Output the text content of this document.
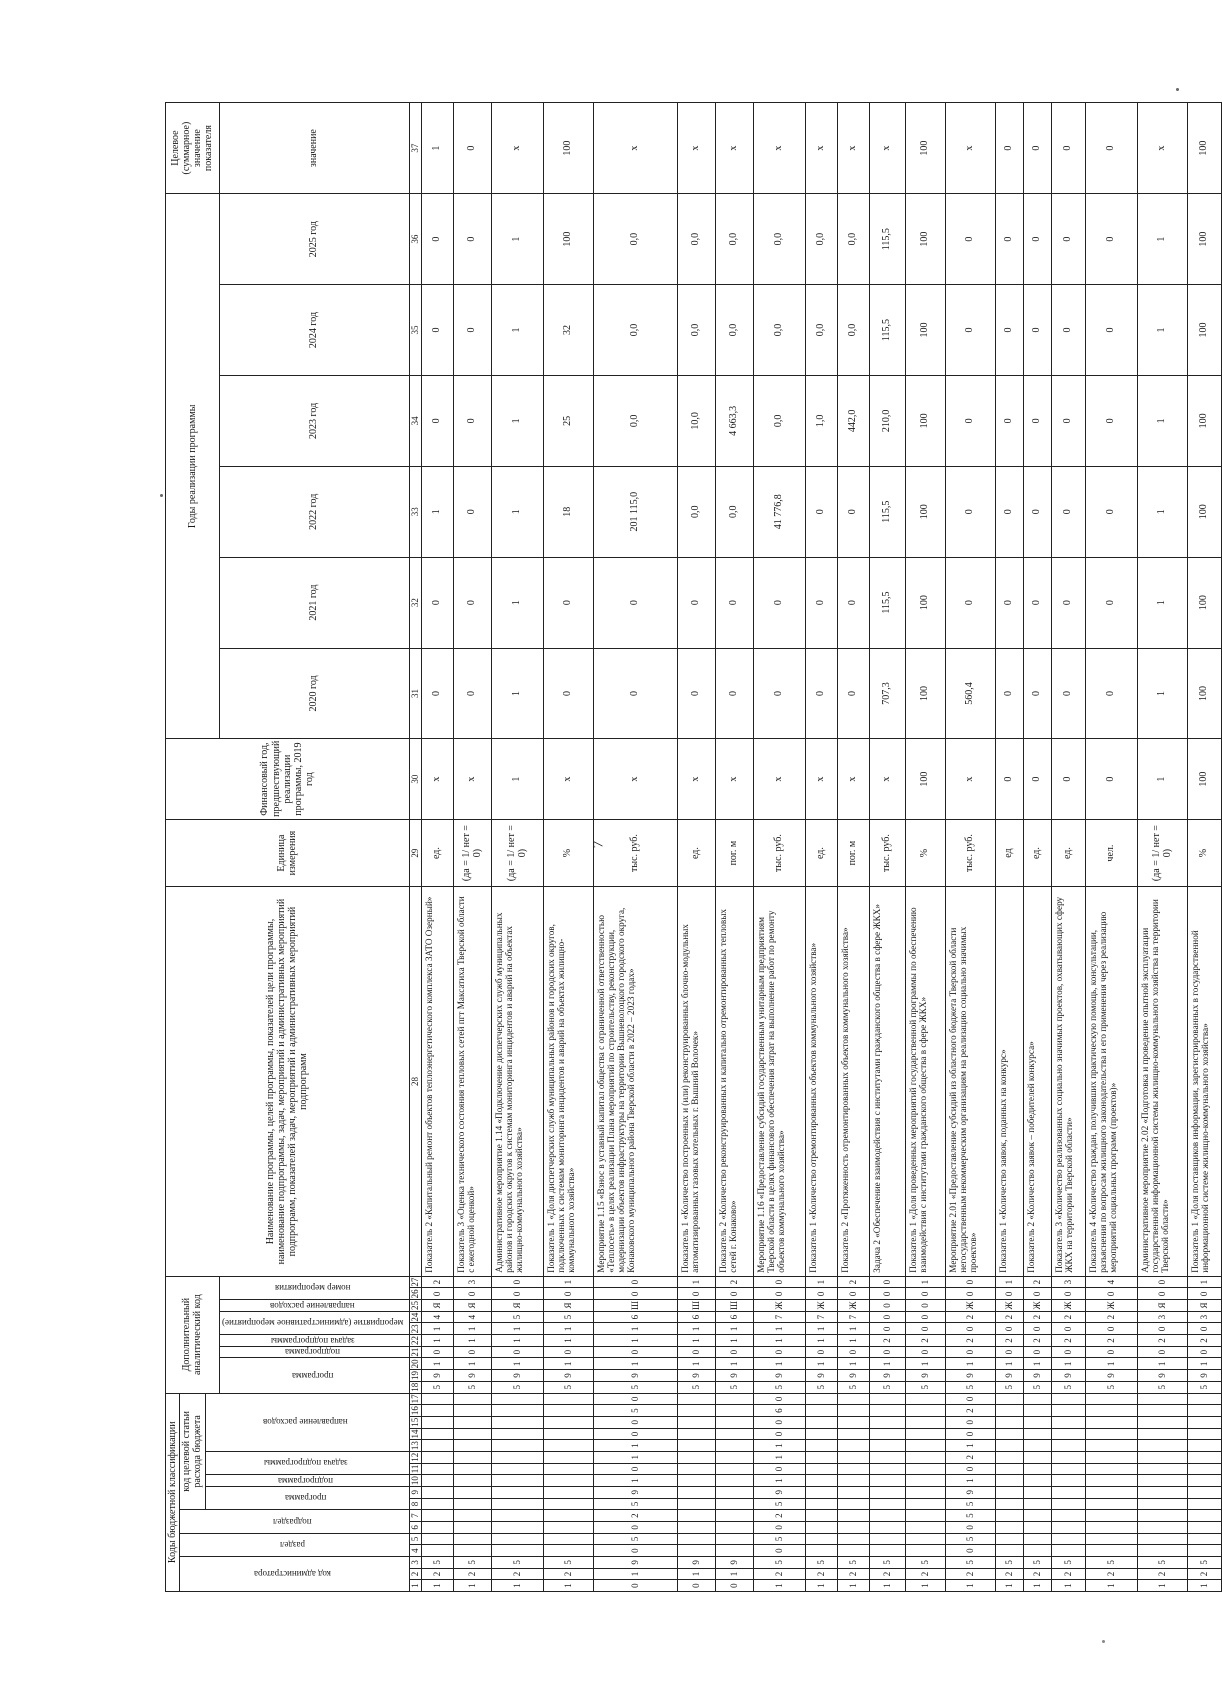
7
Коды бюджетной классификации																	Дополнительный аналитический код										Наименование программы, целей программы, показателей цели программы, наименование подпрограммы, задач, мероприятий и административных мероприятий подпрограмм, показателей задач, мероприятий и административных мероприятий подпрограмм	Единица измерения	Финансовый год, предшествующий реализации программы, 2019 год	Годы реализации программы						Целевое (суммарное) значение показателя
код администратора			раздел		подраздел		код целевой статьи расхода бюджета																													
							программа		подпрограмма	задача подпрограммы		направление расходов																								
																	программа			подпрограмма	задача подпрограммы	мероприятие (административное мероприятие)		направление расходов	номер мероприятия					2020 год	2021 год	2022 год	2023 год	2024 год	2025 год	значение
1	2	3	4	5	6	7	8	9	10	11	12	13	14	15	16	17	18	19	20	21	22	23	24	25	26	27	28	29	30	31	32	33	34	35	36	37
1	2	5															5	9	1	0	1	1	4	Я	0	2	Показатель 2 «Капитальный ремонт объектов теплоэнергетического комплекса ЗАТО Озерный»	ед.	х	0	0	1	0	0	0	1
1	2	5															5	9	1	0	1	1	4	Я	0	3	Показатель 3 «Оценка технического состояния тепловых сетей пгт Максатиха Тверской области с ежегодной оценкой»	(да = 1/ нет = 0)	х	0	0	0	0	0	0	0
1	2	5															5	9	1	0	1	1	5	Я	0	0	Административное мероприятие 1.14 «Подключение диспетчерских служб муниципальных районов и городских округов к системам мониторинга инцидентов и аварий на объектах жилищно-коммунального хозяйства»	(да = 1/ нет = 0)	1	1	1	1	1	1	1	х
1	2	5															5	9	1	0	1	1	5	Я	0	1	Показатель 1 «Доля диспетчерских служб муниципальных районов и городских округов, подключенных к системам мониторинга инцидентов и аварий на объектах жилищно-коммунального хозяйства»	%	х	0	0	18	25	32	100	100
0	1	9	0	5	0	2	5	9	1	0	1	1	0	0	5	0	5	9	1	0	1	1	6	Ш	0	0	Мероприятие 1.15 «Взнос в уставный капитал общества с ограниченной ответственностью «Теплосеть» в целях реализации Плана мероприятий по строительству, реконструкции, модернизации объектов инфраструктуры на территории Вышневолоцкого городского округа, Конаковского муниципального района Тверской области в 2022 – 2023 годах»	тыс. руб.	х	0	0	201 115,0	0,0	0,0	0,0	х
0	1	9															5	9	1	0	1	1	6	Ш	0	1	Показатель 1 «Количество построенных и (или) реконструированных блочно-модульных автоматизированных газовых котельных г. Вышний Волочек»	ед.	х	0	0	0,0	10,0	0,0	0,0	х
0	1	9															5	9	1	0	1	1	6	Ш	0	2	Показатель 2 «Количество реконструированных и капитально отремонтированных тепловых сетей г. Конаково»	пог. м	х	0	0	0,0	4 663,3	0,0	0,0	х
1	2	5	0	5	0	2	5	9	1	0	1	1	0	0	6	0	5	9	1	0	1	1	7	Ж	0	0	Мероприятие 1.16 «Предоставление субсидий государственным унитарным предприятиям Тверской области в целях финансового обеспечения затрат на выполнение работ по ремонту объектов коммунального хозяйства»	тыс. руб.	х	0	0	41 776,8	0,0	0,0	0,0	х
1	2	5															5	9	1	0	1	1	7	Ж	0	1	Показатель 1 «Количество отремонтированных объектов коммунального хозяйства»	ед.	х	0	0	0	1,0	0,0	0,0	х
1	2	5															5	9	1	0	1	1	7	Ж	0	2	Показатель 2 «Протяженность отремонтированных объектов коммунального хозяйства»	пог. м	х	0	0	0	442,0	0,0	0,0	х
1	2	5															5	9	1	0	2	0	0	0	0	0	Задача 2 «Обеспечение взаимодействия с институтами гражданского общества в сфере ЖКХ»	тыс. руб.	х	707,3	115,5	115,5	210,0	115,5	115,5	х
1	2	5															5	9	1	0	2	0	0	0	0	1	Показатель 1 «Доля проведенных мероприятий государственной программы по обеспечению взаимодействия с институтами гражданского общества в сфере ЖКХ»	%	100	100	100	100	100	100	100	100
1	2	5	0	5	0	5	5	9	1	0	2	1	0	0	2	0	5	9	1	0	2	0	2	Ж	0	0	Мероприятие 2.01 «Предоставление субсидий из областного бюджета Тверской области негосударственным некоммерческим организациям на реализацию социально значимых проектов»	тыс. руб.	х	560,4	0	0	0	0	0	х
1	2	5															5	9	1	0	2	0	2	Ж	0	1	Показатель 1 «Количество заявок, поданных на конкурс»	ед	0	0	0	0	0	0	0	0
1	2	5															5	9	1	0	2	0	2	Ж	0	2	Показатель 2 «Количество заявок – победителей конкурса»	ед.	0	0	0	0	0	0	0	0
1	2	5															5	9	1	0	2	0	2	Ж	0	3	Показатель 3 «Количество реализованных социально значимых проектов, охватывающих сферу ЖКХ на территории Тверской области»	ед.	0	0	0	0	0	0	0	0
1	2	5															5	9	1	0	2	0	2	Ж	0	4	Показатель 4 «Количество граждан, получивших практическую помощь, консультации, разъяснения по вопросам жилищного законодательства и его применения через реализацию мероприятий социальных программ (проектов)»	чел.	0	0	0	0	0	0	0	0
1	2	5															5	9	1	0	2	0	3	Я	0	0	Административное мероприятие 2.02 «Подготовка и проведение опытной эксплуатации государственной информационной системы жилищно-коммунального хозяйства на территории Тверской области»	(да = 1/ нет = 0)	1	1	1	1	1	1	1	х
1	2	5															5	9	1	0	2	0	3	Я	0	1	Показатель 1 «Доля поставщиков информации, зарегистрированных в государственной информационной системе жилищно-коммунального хозяйства»	%	100	100	100	100	100	100	100	100
